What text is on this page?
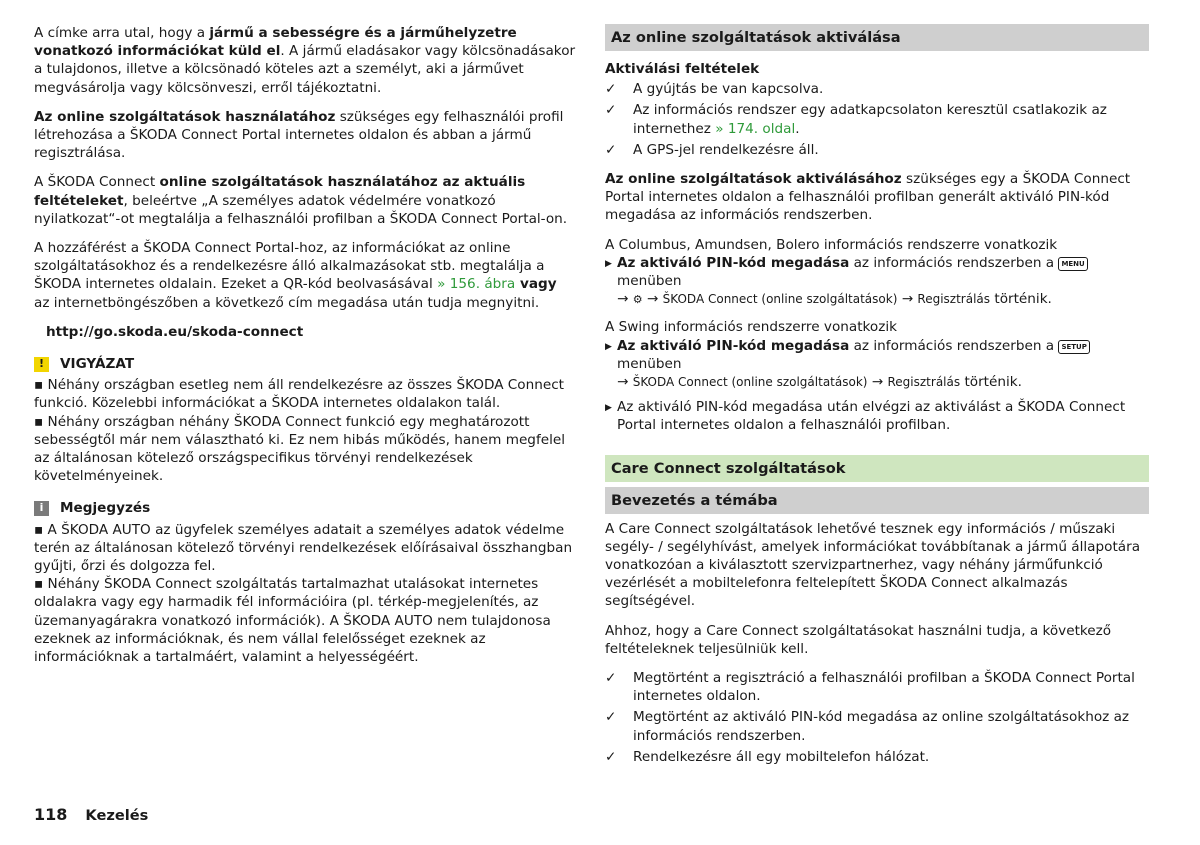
A címke arra utal, hogy a jármű a sebességre és a járműhelyzetre vonatkozó információkat küld el. A jármű eladásakor vagy kölcsönadásakor a tulajdonos, illetve a kölcsönadó köteles azt a személyt, aki a járművet megvásárolja vagy kölcsönveszi, erről tájékoztatni.

Az online szolgáltatások használatához szükséges egy felhasználói profil létrehozása a ŠKODA Connect Portal internetes oldalon és abban a jármű regisztrálása.

A ŠKODA Connect online szolgáltatások használatához az aktuális feltételeket, beleértve „A személyes adatok védelmére vonatkozó nyilatkozat“-ot megtalálja a felhasználói profilban a ŠKODA Connect Portal-on.

A hozzáférést a ŠKODA Connect Portal-hoz, az információkat az online szolgáltatásokhoz és a rendelkezésre álló alkalmazásokat stb. megtalálja a ŠKODA internetes oldalain. Ezeket a QR-kód beolvasásával » 156. ábra vagy az internetböngészőben a következő cím megadása után tudja megnyitni.

http://go.skoda.eu/skoda-connect
!	VIGYÁZAT

▪ Néhány országban esetleg nem áll rendelkezésre az összes ŠKODA Connect funkció. Közelebbi információkat a ŠKODA internetes oldalakon talál.

▪ Néhány országban néhány ŠKODA Connect funkció egy meghatározott sebességtől már nem választható ki. Ez nem hibás működés, hanem megfelel az általánosan kötelező országspecifikus törvényi rendelkezések követelményeinek.

i	Megjegyzés

▪ A ŠKODA AUTO az ügyfelek személyes adatait a személyes adatok védelme terén az általánosan kötelező törvényi rendelkezések előírásaival összhangban gyűjti, őrzi és dolgozza fel.

▪ Néhány ŠKODA Connect szolgáltatás tartalmazhat utalásokat internetes oldalakra vagy egy harmadik fél információira (pl. térkép-megjelenítés, az üzemanyagárakra vonatkozó információk). A ŠKODA AUTO nem tulajdonosa ezeknek az információknak, és nem vállal felelősséget ezeknek az információknak a tartalmáért, valamint a helyességéért.

Az online szolgáltatások aktiválása
Aktiválási feltételek
✓	A gyújtás be van kapcsolva.
✓	Az információs rendszer egy adatkapcsolaton keresztül csatlakozik az internethez » 174. oldal.
✓	A GPS-jel rendelkezésre áll.

Az online szolgáltatások aktiválásához szükséges egy a ŠKODA Connect Portal internetes oldalon a felhasználói profilban generált aktiváló PIN-kód megadása az információs rendszerben.

A Columbus, Amundsen, Bolero információs rendszerre vonatkozik

▶ Az aktiváló PIN-kód megadása az információs rendszerben a MENU menüben
→ ⚙ → ŠKODA Connect (online szolgáltatások) → Regisztrálás történik.

A Swing információs rendszerre vonatkozik

▶ Az aktiváló PIN-kód megadása az információs rendszerben a SETUP menüben
→ ŠKODA Connect (online szolgáltatások) → Regisztrálás történik.
▶ Az aktiváló PIN-kód megadása után elvégzi az aktiválást a ŠKODA Connect Portal internetes oldalon a felhasználói profilban.
Care Connect szolgáltatások
Bevezetés a témába

A Care Connect szolgáltatások lehetővé tesznek egy információs / műszaki segély- / segélyhívást, amelyek információkat továbbítanak a jármű állapotára vonatkozóan a kiválasztott szervizpartnerhez, vagy néhány járműfunkció vezérlését a mobiltelefonra feltelepített ŠKODA Connect alkalmazás segítségével.

Ahhoz, hogy a Care Connect szolgáltatásokat használni tudja, a következő feltételeknek teljesülniük kell.

✓	Megtörtént a regisztráció a felhasználói profilban a ŠKODA Connect Portal internetes oldalon.
✓	Megtörtént az aktiváló PIN-kód megadása az online szolgáltatásokhoz az információs rendszerben.
✓	Rendelkezésre áll egy mobiltelefon hálózat.
118 Kezelés
